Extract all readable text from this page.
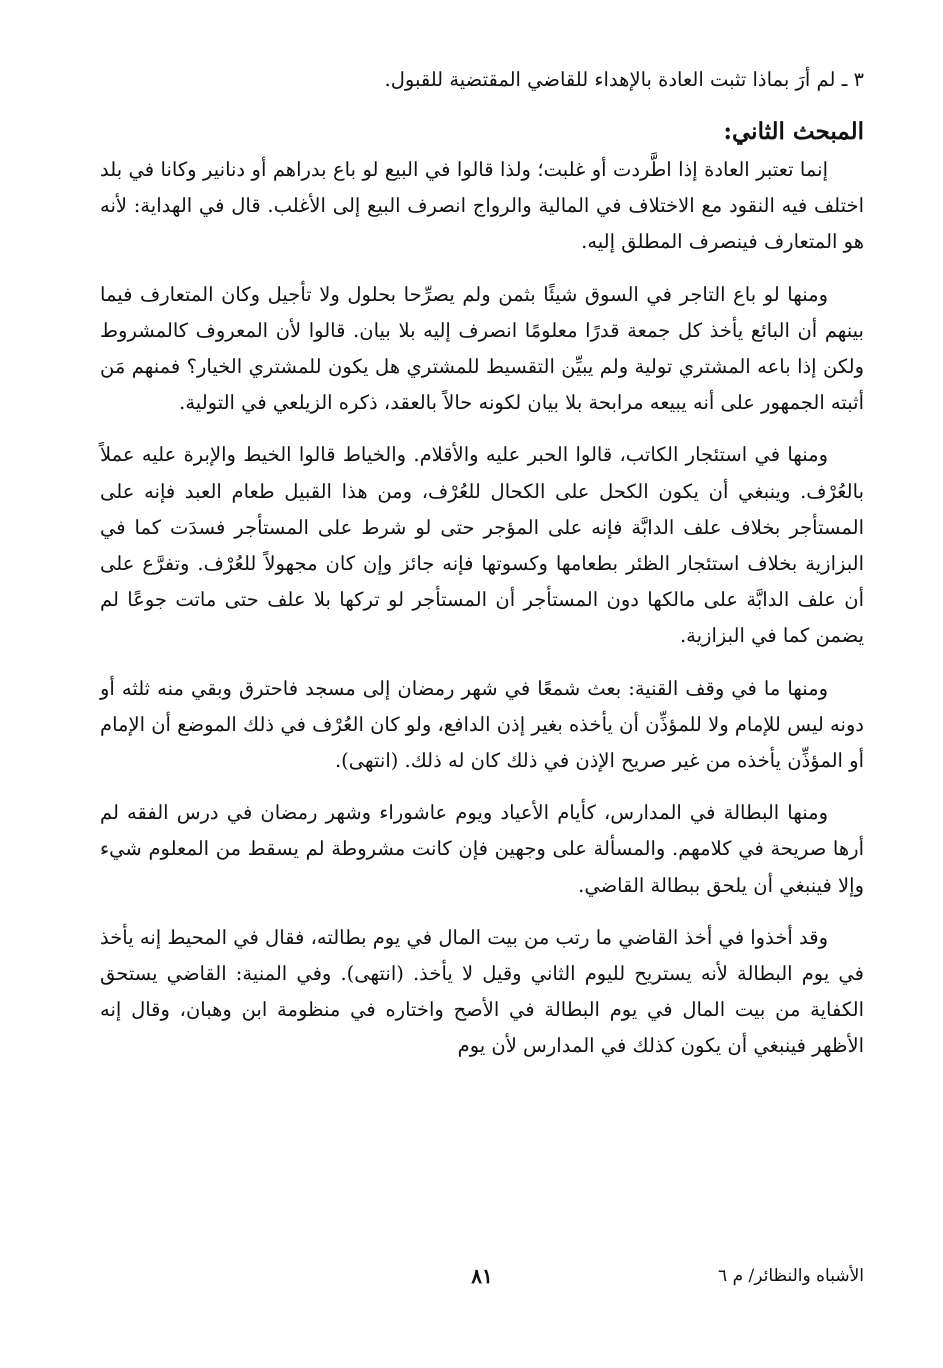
٣ ـ لم أرَ بماذا تثبت العادة بالإهداء للقاضي المقتضية للقبول.

المبحث الثاني:

إنما تعتبر العادة إذا اطَّردت أو غلبت؛ ولذا قالوا في البيع لو باع بدراهم أو دنانير وكانا في بلد اختلف فيه النقود مع الاختلاف في المالية والرواج انصرف البيع إلى الأغلب. قال في الهداية: لأنه هو المتعارف فينصرف المطلق إليه.

ومنها لو باع التاجر في السوق شيئًا بثمن ولم يصرِّحا بحلول ولا تأجيل وكان المتعارف فيما بينهم أن البائع يأخذ كل جمعة قدرًا معلومًا انصرف إليه بلا بيان. قالوا لأن المعروف كالمشروط ولكن إذا باعه المشتري تولية ولم يبيِّن التقسيط للمشتري هل يكون للمشتري الخيار؟ فمنهم مَن أثبته الجمهور على أنه يبيعه مرابحة بلا بيان لكونه حالاً بالعقد، ذكره الزيلعي في التولية.

ومنها في استئجار الكاتب، قالوا الحبر عليه والأقلام. والخياط قالوا الخيط والإبرة عليه عملاً بالعُرْف. وينبغي أن يكون الكحل على الكحال للعُرْف، ومن هذا القبيل طعام العبد فإنه على المستأجر بخلاف علف الدابَّة فإنه على المؤجر حتى لو شرط على المستأجر فسدَت كما في البزازية بخلاف استئجار الظئر بطعامها وكسوتها فإنه جائز وإن كان مجهولاً للعُرْف. وتفرَّع على أن علف الدابَّة على مالكها دون المستأجر أن المستأجر لو تركها بلا علف حتى ماتت جوعًا لم يضمن كما في البزازية.

ومنها ما في وقف القنية: بعث شمعًا في شهر رمضان إلى مسجد فاحترق وبقي منه ثلثه أو دونه ليس للإمام ولا للمؤذِّن أن يأخذه بغير إذن الدافع، ولو كان العُرْف في ذلك الموضع أن الإمام أو المؤذِّن يأخذه من غير صريح الإذن في ذلك كان له ذلك. (انتهى).

ومنها البطالة في المدارس، كأيام الأعياد ويوم عاشوراء وشهر رمضان في درس الفقه لم أرها صريحة في كلامهم. والمسألة على وجهين فإن كانت مشروطة لم يسقط من المعلوم شيء وإلا فينبغي أن يلحق ببطالة القاضي.

وقد أخذوا في أخذ القاضي ما رتب من بيت المال في يوم بطالته، فقال في المحيط إنه يأخذ في يوم البطالة لأنه يستريح لليوم الثاني وقيل لا يأخذ. (انتهى). وفي المنية: القاضي يستحق الكفاية من بيت المال في يوم البطالة في الأصح واختاره في منظومة ابن وهبان، وقال إنه الأظهر فينبغي أن يكون كذلك في المدارس لأن يوم

الأشباه والنظائر/ م ٦
٨١
